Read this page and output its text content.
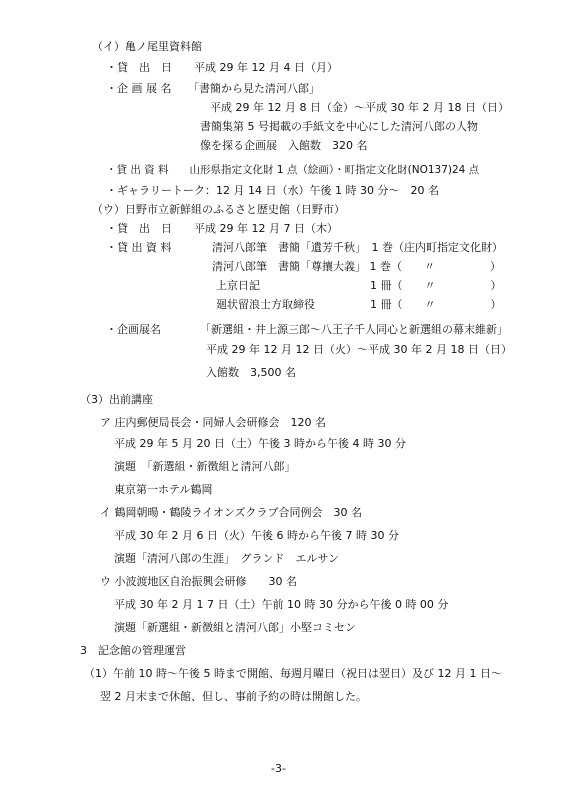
（イ）亀ノ尾里資料館
・貸　出　日　　平成 29 年 12 月 4 日（月）
・企 画 展 名　　「書簡から見た清河八郎」
平成 29 年 12 月 8 日（金）〜平成 30 年 2 月 18 日（日）
書簡集第 5 号掲載の手紙文を中心にした清河八郎の人物
像を探る企画展　入館数　320 名
・貸 出 資 料　　山形県指定文化財 1 点（絵画）・町指定文化財(NO137)24 点
・ギャラリートーク：12 月 14 日（水）午後 1 時 30 分〜　20 名
（ウ）日野市立新鮮組のふるさと歴史館（日野市）
・貸　出　日　　平成 29 年 12 月 7 日（木）
・貸 出 資 料	清河八郎筆　書簡「遺芳千秋」　1 巻（庄内町指定文化財）
清河八郎筆　書簡「尊攘大義」 1 巻（　　〃　　　　　）
上京日記　　　　　　　　　　1 冊（　　〃　　　　　）
廻状留浪士方取締役　　　　　1 冊（　　〃　　　　　）
・企画展名	「新選組・井上源三郎〜八王子千人同心と新選組の幕末維新」
平成 29 年 12 月 12 日（火）〜平成 30 年 2 月 18 日（日）
入館数　3,500 名
（3）出前講座
ア 庄内郵便局長会・同婦人会研修会　120 名
平成 29 年 5 月 20 日（土）午後 3 時から午後 4 時 30 分
演題　「新選組・新徴組と清河八郎」
東京第一ホテル鶴岡
イ 鶴岡朝暘・鶴陵ライオンズクラブ合同例会　30 名
平成 30 年 2 月 6 日（火）午後 6 時から午後 7 時 30 分
演題「清河八郎の生涯」　グランド　エルサン
ウ 小波渡地区自治振興会研修　　30 名
平成 30 年 2 月 1 7 日（土）午前 10 時 30 分から午後 0 時 00 分
演題「新選組・新徴組と清河八郎」小堅コミセン
3　記念館の管理運営
（1）午前 10 時〜午後 5 時まで開館、毎週月曜日（祝日は翌日）及び 12 月 1 日〜
翌 2 月末まで休館、但し、事前予約の時は開館した。
-3-
